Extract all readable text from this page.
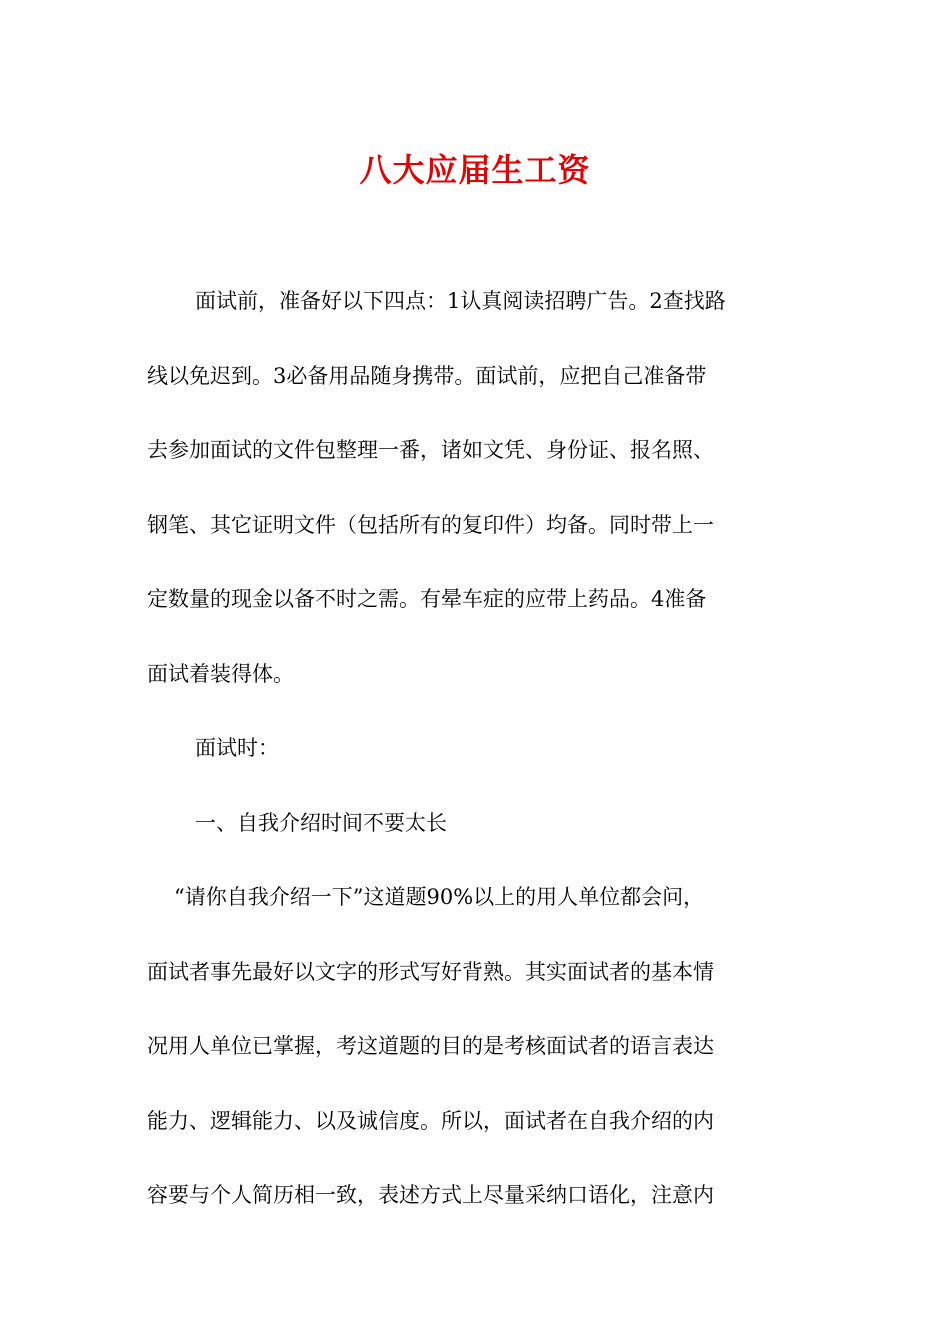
八大应届生工资
面试前，准备好以下四点：1认真阅读招聘广告。2查找路
线以免迟到。3必备用品随身携带。面试前，应把自己准备带
去参加面试的文件包整理一番，诸如文凭、身份证、报名照、
钢笔、其它证明文件（包括所有的复印件）均备。同时带上一
定数量的现金以备不时之需。有晕车症的应带上药品。4准备
面试着装得体。
面试时：
一、自我介绍时间不要太长
“请你自我介绍一下”这道题90%以上的用人单位都会问，
面试者事先最好以文字的形式写好背熟。其实面试者的基本情
况用人单位已掌握，考这道题的目的是考核面试者的语言表达
能力、逻辑能力、以及诚信度。所以，面试者在自我介绍的内
容要与个人简历相一致，表述方式上尽量采纳口语化，注意内
